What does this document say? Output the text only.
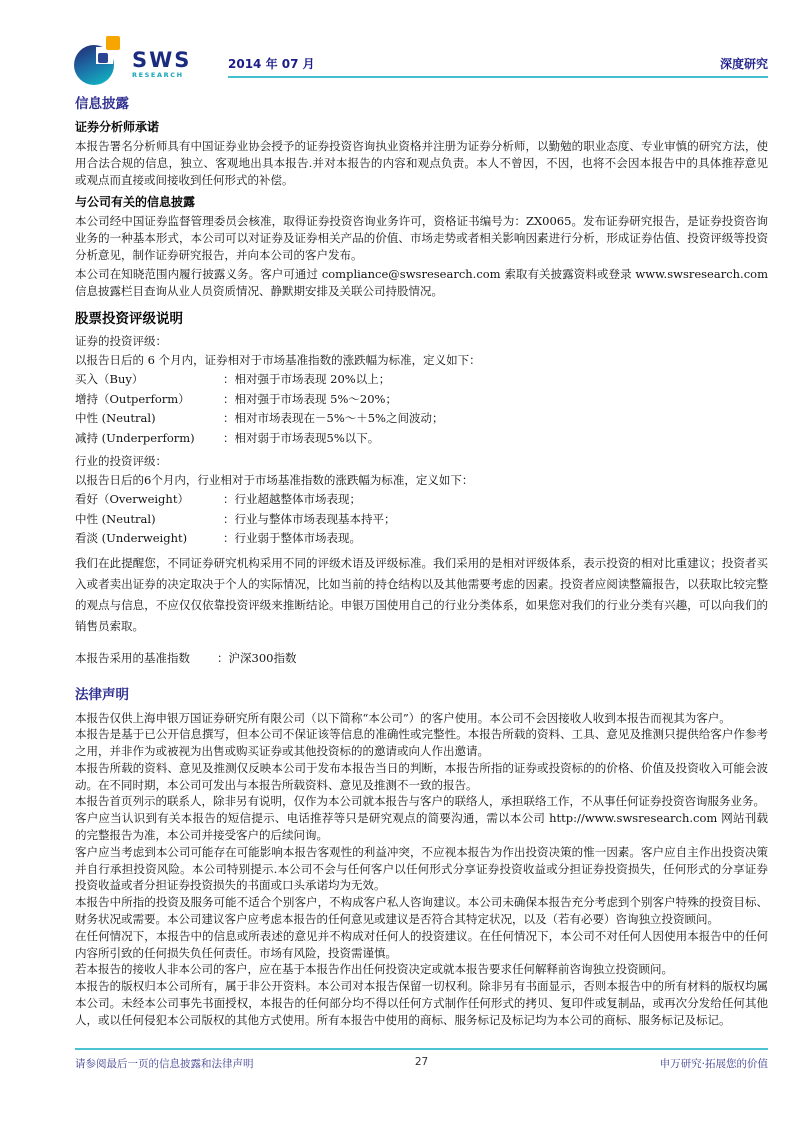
SWS
RESEARCH
2014 年 07 月	深度研究
信息披露
证券分析师承诺

本报告署名分析师具有中国证券业协会授予的证券投资咨询执业资格并注册为证券分析师，以勤勉的职业态度、专业审慎的研究方法，使用合法合规的信息，独立、客观地出具本报告.并对本报告的内容和观点负责。本人不曾因，不因，也将不会因本报告中的具体推荐意见或观点而直接或间接收到任何形式的补偿。

与公司有关的信息披露

本公司经中国证券监督管理委员会核准，取得证券投资咨询业务许可，资格证书编号为：ZX0065。发布证券研究报告，是证券投资咨询业务的一种基本形式，本公司可以对证券及证券相关产品的价值、市场走势或者相关影响因素进行分析，形成证券估值、投资评级等投资分析意见，制作证券研究报告，并向本公司的客户发布。

本公司在知晓范围内履行披露义务。客户可通过 compliance@swsresearch.com 索取有关披露资料或登录 www.swsresearch.com 信息披露栏目查询从业人员资质情况、静默期安排及关联公司持股情况。

股票投资评级说明

证券的投资评级：

以报告日后的 6 个月内，证券相对于市场基准指数的涨跌幅为标准，定义如下：

买入（Buy）	：相对强于市场表现 20%以上；
增持（Outperform）	：相对强于市场表现 5%～20%；
中性 (Neutral)	：相对市场表现在－5%～＋5%之间波动；
减持 (Underperform)	：相对弱于市场表现5%以下。

行业的投资评级：

以报告日后的6个月内，行业相对于市场基准指数的涨跌幅为标准，定义如下：

看好（Overweight）	：行业超越整体市场表现；
中性 (Neutral)	：行业与整体市场表现基本持平；
看淡 (Underweight)	：行业弱于整体市场表现。

我们在此提醒您，不同证券研究机构采用不同的评级术语及评级标准。我们采用的是相对评级体系，表示投资的相对比重建议；投资者买入或者卖出证券的决定取决于个人的实际情况，比如当前的持仓结构以及其他需要考虑的因素。投资者应阅读整篇报告，以获取比较完整的观点与信息，不应仅仅依靠投资评级来推断结论。申银万国使用自己的行业分类体系，如果您对我们的行业分类有兴趣，可以向我们的销售员索取。

本报告采用的基准指数	：沪深300指数
法律声明

本报告仅供上海申银万国证券研究所有限公司（以下简称“本公司”）的客户使用。本公司不会因接收人收到本报告而视其为客户。

本报告是基于已公开信息撰写，但本公司不保证该等信息的准确性或完整性。本报告所载的资料、工具、意见及推测只提供给客户作参考之用，并非作为或被视为出售或购买证券或其他投资标的的邀请或向人作出邀请。

本报告所载的资料、意见及推测仅反映本公司于发布本报告当日的判断，本报告所指的证券或投资标的的价格、价值及投资收入可能会波动。在不同时期，本公司可发出与本报告所载资料、意见及推测不一致的报告。

本报告首页列示的联系人，除非另有说明，仅作为本公司就本报告与客户的联络人，承担联络工作，不从事任何证券投资咨询服务业务。

客户应当认识到有关本报告的短信提示、电话推荐等只是研究观点的简要沟通，需以本公司 http://www.swsresearch.com 网站刊载的完整报告为准，本公司并接受客户的后续问询。

客户应当考虑到本公司可能存在可能影响本报告客观性的利益冲突，不应视本报告为作出投资决策的惟一因素。客户应自主作出投资决策并自行承担投资风险。本公司特别提示.本公司不会与任何客户以任何形式分享证券投资收益或分担证券投资损失，任何形式的分享证券投资收益或者分担证券投资损失的书面或口头承诺均为无效。

本报告中所指的投资及服务可能不适合个别客户，不构成客户私人咨询建议。本公司未确保本报告充分考虑到个别客户特殊的投资目标、财务状况或需要。本公司建议客户应考虑本报告的任何意见或建议是否符合其特定状况，以及（若有必要）咨询独立投资顾问。

在任何情况下，本报告中的信息或所表述的意见并不构成对任何人的投资建议。在任何情况下，本公司不对任何人因使用本报告中的任何内容所引致的任何损失负任何责任。市场有风险，投资需谨慎。

若本报告的接收人非本公司的客户，应在基于本报告作出任何投资决定或就本报告要求任何解释前咨询独立投资顾问。

本报告的版权归本公司所有，属于非公开资料。本公司对本报告保留一切权利。除非另有书面显示，否则本报告中的所有材料的版权均属本公司。未经本公司事先书面授权，本报告的任何部分均不得以任何方式制作任何形式的拷贝、复印件或复制品，或再次分发给任何其他人，或以任何侵犯本公司版权的其他方式使用。所有本报告中使用的商标、服务标记及标记均为本公司的商标、服务标记及标记。

请参阅最后一页的信息披露和法律声明	27	申万研究·拓展您的价值
